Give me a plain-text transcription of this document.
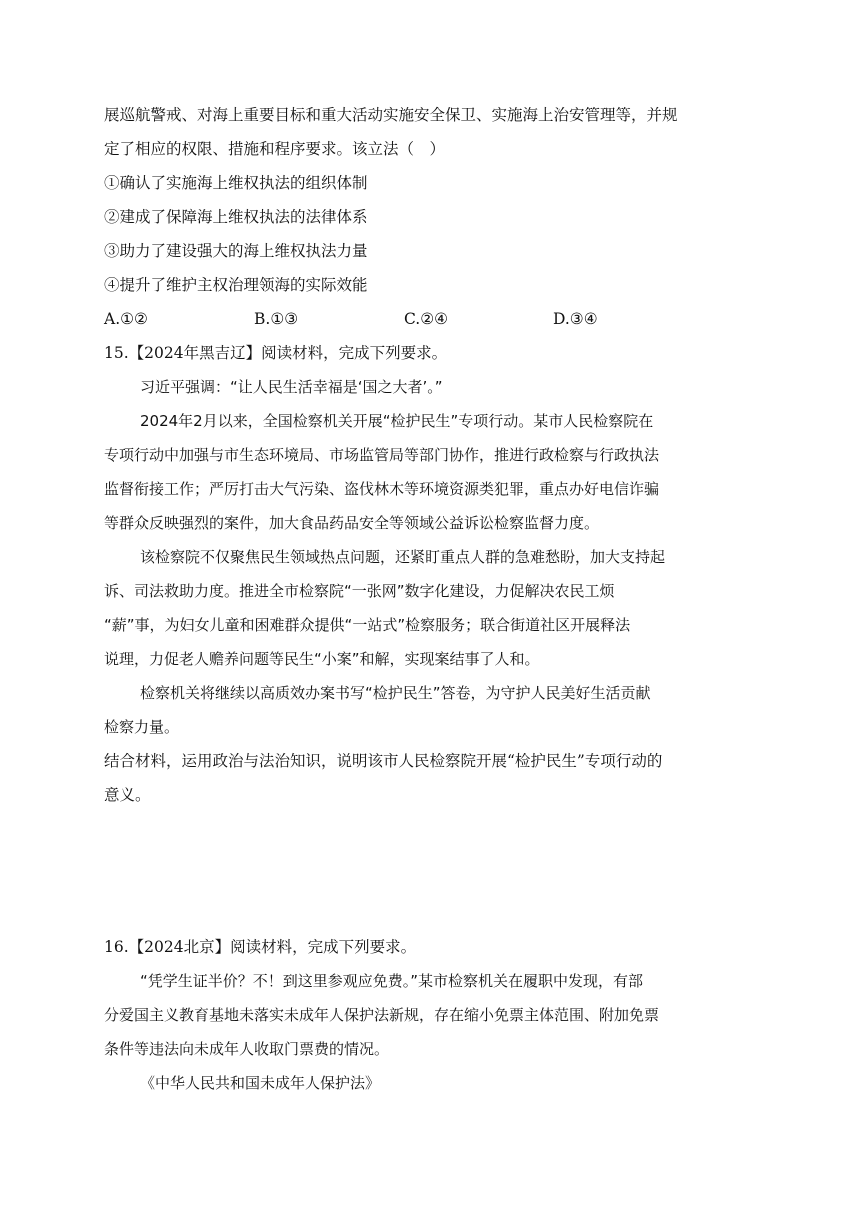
展巡航警戒、对海上重要目标和重大活动实施安全保卫、实施海上治安管理等，并规
定了相应的权限、措施和程序要求。该立法（　）
①确认了实施海上维权执法的组织体制
②建成了保障海上维权执法的法律体系
③助力了建设强大的海上维权执法力量
④提升了维护主权治理领海的实际效能
A.①②	B.①③	C.②④	D.③④
15.【2024年黑吉辽】阅读材料，完成下列要求。
习近平强调：“让人民生活幸福是‘国之大者’。”
2024年2月以来，全国检察机关开展“检护民生”专项行动。某市人民检察院在
专项行动中加强与市生态环境局、市场监管局等部门协作，推进行政检察与行政执法
监督衔接工作；严厉打击大气污染、盗伐林木等环境资源类犯罪，重点办好电信诈骗
等群众反映强烈的案件，加大食品药品安全等领域公益诉讼检察监督力度。
该检察院不仅聚焦民生领域热点问题，还紧盯重点人群的急难愁盼，加大支持起
诉、司法救助力度。推进全市检察院“一张网”数字化建设，力促解决农民工烦
“薪”事，为妇女儿童和困难群众提供“一站式”检察服务；联合街道社区开展释法
说理，力促老人赡养问题等民生“小案”和解，实现案结事了人和。
检察机关将继续以高质效办案书写“检护民生”答卷，为守护人民美好生活贡献
检察力量。
结合材料，运用政治与法治知识，说明该市人民检察院开展“检护民生”专项行动的
意义。
16.【2024北京】阅读材料，完成下列要求。
“凭学生证半价？不！到这里参观应免费。”某市检察机关在履职中发现，有部
分爱国主义教育基地未落实未成年人保护法新规，存在缩小免票主体范围、附加免票
条件等违法向未成年人收取门票费的情况。
《中华人民共和国未成年人保护法》
